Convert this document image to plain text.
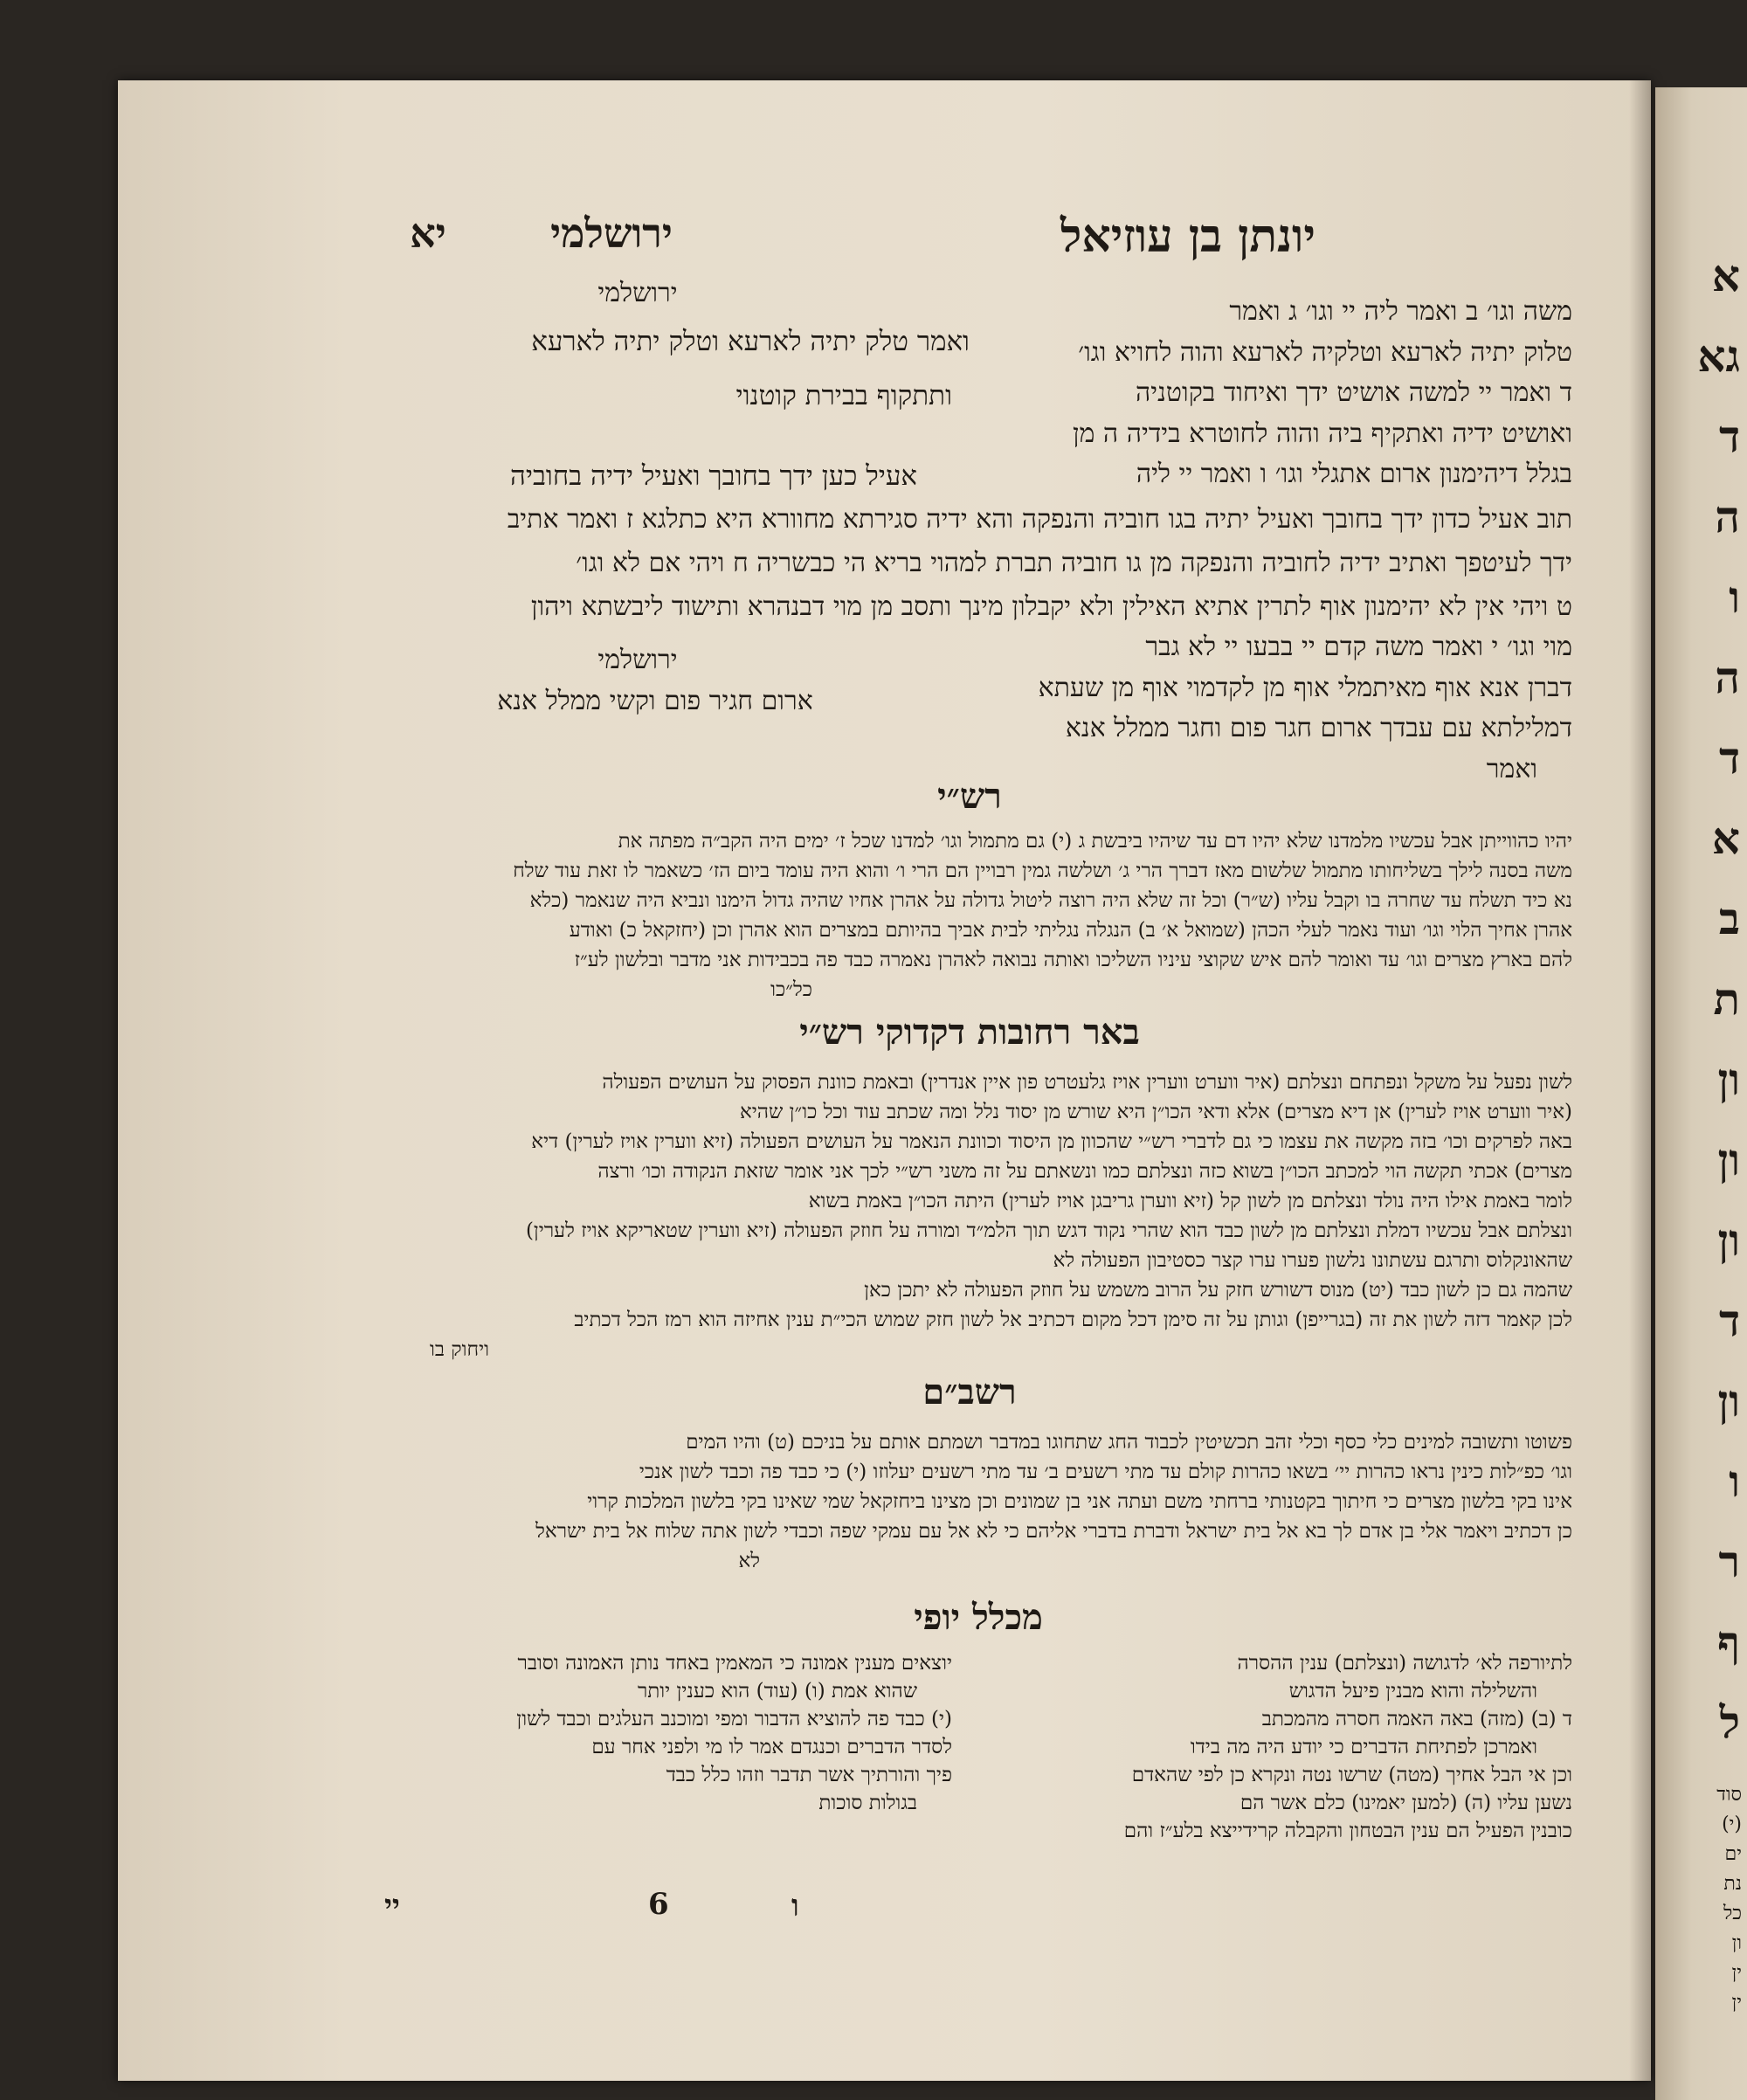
יונתן בן עוזיאל
ירושלמי
יא
ירושלמי
ואמר טלק יתיה לארעא וטלק יתיה לארעא
ותתקוף בבירת קוטנוי
אעיל כען ידך בחובך ואעיל ידיה בחוביה
משה וגו׳ ב ואמר ליה יי וגו׳ ג ואמר
טלוק יתיה לארעא וטלקיה לארעא והוה לחויא וגו׳
ד ואמר יי למשה אושיט ידך ואיחוד בקוטניה
ואושיט ידיה ואתקיף ביה והוה לחוטרא בידיה ה מן
בגלל דיהימנון ארום אתגלי וגו׳ ו ואמר יי ליה
תוב אעיל כדון ידך בחובך ואעיל יתיה בגו חוביה והנפקה והא ידיה סגירתא מחוורא היא כתלגא ז ואמר אתיב
ידך לעיטפך ואתיב ידיה לחוביה והנפקה מן גו חוביה תברת למהוי בריא הי כבשריה ח ויהי אם לא וגו׳
ט ויהי אין לא יהימנון אוף לתרין אתיא האילין ולא יקבלון מינך ותסב מן מוי דבנהרא ותישוד ליבשתא ויהון
ירושלמי
ארום חגיר פום וקשי ממלל אנא
מוי וגו׳ י ואמר משה קדם יי בבעו יי לא גבר
דברן אנא אוף מאיתמלי אוף מן לקדמוי אוף מן שעתא
דמלילתא עם עבדך ארום חגר פום וחגר ממלל אנא
ואמר
רש״י
יהיו כהווייתן אבל עכשיו מלמדנו שלא יהיו דם עד שיהיו ביבשת ג (י) גם מתמול וגו׳ למדנו שכל ז׳ ימים היה הקב״ה מפתה את
משה בסנה לילך בשליחותו מתמול שלשום מאז דברך הרי ג׳ ושלשה גמין רבויין הם הרי ו׳ והוא היה עומד ביום הז׳ כשאמר לו זאת עוד שלח
נא כיד תשלח עד שחרה בו וקבל עליו (ש״ר) וכל זה שלא היה רוצה ליטול גדולה על אהרן אחיו שהיה גדול הימנו ונביא היה שנאמר (כלא
אהרן אחיך הלוי וגו׳ ועוד נאמר לעלי הכהן (שמואל א׳ ב) הנגלה נגליתי לבית אביך בהיותם במצרים הוא אהרן וכן (יחזקאל כ) ואודע
להם בארץ מצרים וגו׳ עד ואומר להם איש שקוצי עיניו השליכו ואותה נבואה לאהרן נאמרה כבד פה בכבידות אני מדבר ובלשון לע״ז
כל״כו
באר רחובות דקדוקי רש״י
לשון נפעל על משקל ונפתחם ונצלתם (איר ווערט ווערין אויז גלעטרט פון איין אנדרין) ובאמת כוונת הפסוק על העושים הפעולה
(איר ווערט אויז לערין) אן דיא מצרים) אלא ודאי הכו״ן היא שורש מן יסוד נלל ומה שכתב עוד וכל כו״ן שהיא
באה לפרקים וכו׳ בזה מקשה את עצמו כי גם לדברי רש״י שהכוון מן היסוד וכוונת הנאמר על העושים הפעולה (זיא ווערין אויז לערין) דיא
מצרים) אכתי תקשה הוי למכתב הכו״ן בשוא כזה ונצלתם כמו ונשאתם על זה משני רש״י לכך אני אומר שזאת הנקודה וכו׳ ורצה
לומר באמת אילו היה נולד ונצלתם מן לשון קל (זיא ווערן גריבגן אויז לערין) היתה הכו״ן באמת בשוא
ונצלתם אבל עכשיו דמלת ונצלתם מן לשון כבד הוא שהרי נקוד דגש תוך הלמ״ד ומורה על חוזק הפעולה (זיא ווערין שטאריקא אויז לערין)
שהאונקלוס ותרגם עשתונו נלשון פערו ערו קצר כסטיבון הפעולה לא
שהמה גם כן לשון כבד (יט) מנוס דשורש חזק על הרוב משמש על חוזק הפעולה לא יתכן כאן
לכן קאמר דזה לשון את זה (בגרייפן) וגותן על זה סימן דכל מקום דכתיב אל לשון חזק שמוש הכי״ת ענין אחיזה הוא רמז הכל דכתיב
ויחוק בו
רשב״ם
פשוטו ותשובה למינים כלי כסף וכלי זהב תכשיטין לכבוד החג שתחוגו במדבר ושמתם אותם על בניכם (ט) והיו המים
וגו׳ כפ״לות כינין נראו כהרות יי׳ בשאו כהרות קולם עד מתי רשעים ב׳ עד מתי רשעים יעלוזו (י) כי כבד פה וכבד לשון אנכי
אינו בקי בלשון מצרים כי חיתוך בקטנותי ברחתי משם ועתה אני בן שמונים וכן מצינו ביחזקאל שמי שאינו בקי בלשון המלכות קרוי
כן דכתיב ויאמר אלי בן אדם לך בא אל בית ישראל ודברת בדברי אליהם כי לא אל עם עמקי שפה וכבדי לשון אתה שלוח אל בית ישראל
לא
מכלל יופי
לתיורפה לא׳ לדגושה (ונצלתם) ענין ההסרה
והשלילה והוא מבנין פיעל הדגוש
ד (ב) (מזה) באה האמה חסרה מהמכתב
ואמרכן לפתיחת הדברים כי יודע היה מה בידו
וכן אי הבל אחיך (מטה) שרשו נטה ונקרא כן לפי שהאדם
נשען עליו (ה) (למען יאמינו) כלם אשר הם
כובנין הפעיל הם ענין הבטחון והקבלה קרידייצא בלע״ז והם
יוצאים מענין אמונה כי המאמין באחד נותן האמונה וסובר
שהוא אמת (ו) (עוד) הוא כענין יותר
(י) כבד פה להוציא הדבור ומפי ומוכנב העלגים וכבד לשון
לסדר הדברים וכנגדם אמר לו מי ולפני אחר עם
פיך והורתיך אשר תדבר וזהו כלל כבד
בגולות סוכות
יי	6	ו
א
גא
ד
ה
ו
ה
ד
א
ב
ת
ון
ון
ון
ד
ון
ו
ר
ף
ל
סוד
(י)
ים
נת
כל
ון
ין
ין
